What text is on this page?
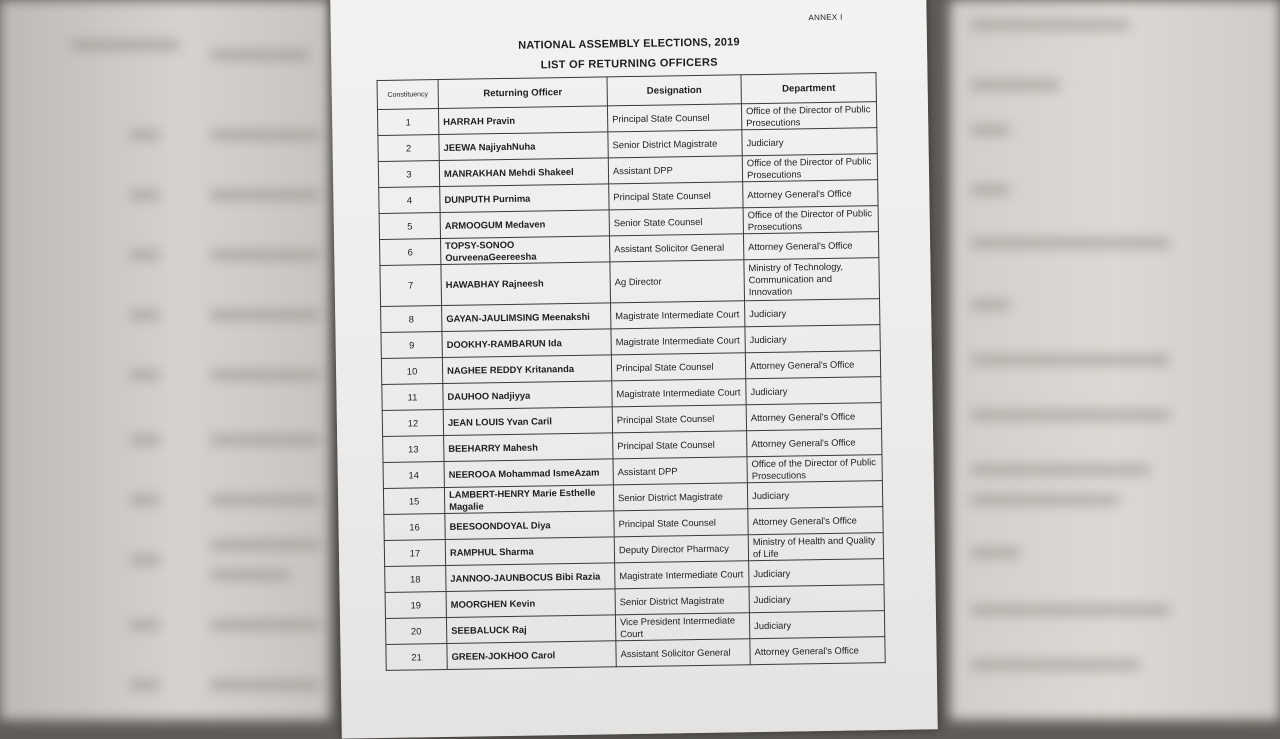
ANNEX I
NATIONAL ASSEMBLY ELECTIONS, 2019
LIST OF RETURNING OFFICERS
Constituency	Returning Officer	Designation	Department
1	HARRAH Pravin	Principal State Counsel	Office of the Director of Public Prosecutions
2	JEEWA NajiyahNuha	Senior District Magistrate	Judiciary
3	MANRAKHAN Mehdi Shakeel	Assistant DPP	Office of the Director of Public Prosecutions
4	DUNPUTH Purnima	Principal State Counsel	Attorney General's Office
5	ARMOOGUM Medaven	Senior State Counsel	Office of the Director of Public Prosecutions
6	TOPSY-SONOO OurveenaGeereesha	Assistant Solicitor General	Attorney General's Office
7	HAWABHAY Rajneesh	Ag Director	Ministry of Technology, Communication and Innovation
8	GAYAN-JAULIMSING Meenakshi	Magistrate Intermediate Court	Judiciary
9	DOOKHY-RAMBARUN Ida	Magistrate Intermediate Court	Judiciary
10	NAGHEE REDDY Kritananda	Principal State Counsel	Attorney General's Office
11	DAUHOO Nadjiyya	Magistrate Intermediate Court	Judiciary
12	JEAN LOUIS Yvan Caril	Principal State Counsel	Attorney General's Office
13	BEEHARRY Mahesh	Principal State Counsel	Attorney General's Office
14	NEEROOA Mohammad IsmeAzam	Assistant DPP	Office of the Director of Public Prosecutions
15	LAMBERT-HENRY Marie Esthelle Magalie	Senior District Magistrate	Judiciary
16	BEESOONDOYAL Diya	Principal State Counsel	Attorney General's Office
17	RAMPHUL Sharma	Deputy Director Pharmacy	Ministry of Health and Quality of Life
18	JANNOO-JAUNBOCUS Bibi Razia	Magistrate Intermediate Court	Judiciary
19	MOORGHEN Kevin	Senior District Magistrate	Judiciary
20	SEEBALUCK Raj	Vice President Intermediate Court	Judiciary
21	GREEN-JOKHOO Carol	Assistant Solicitor General	Attorney General's Office
